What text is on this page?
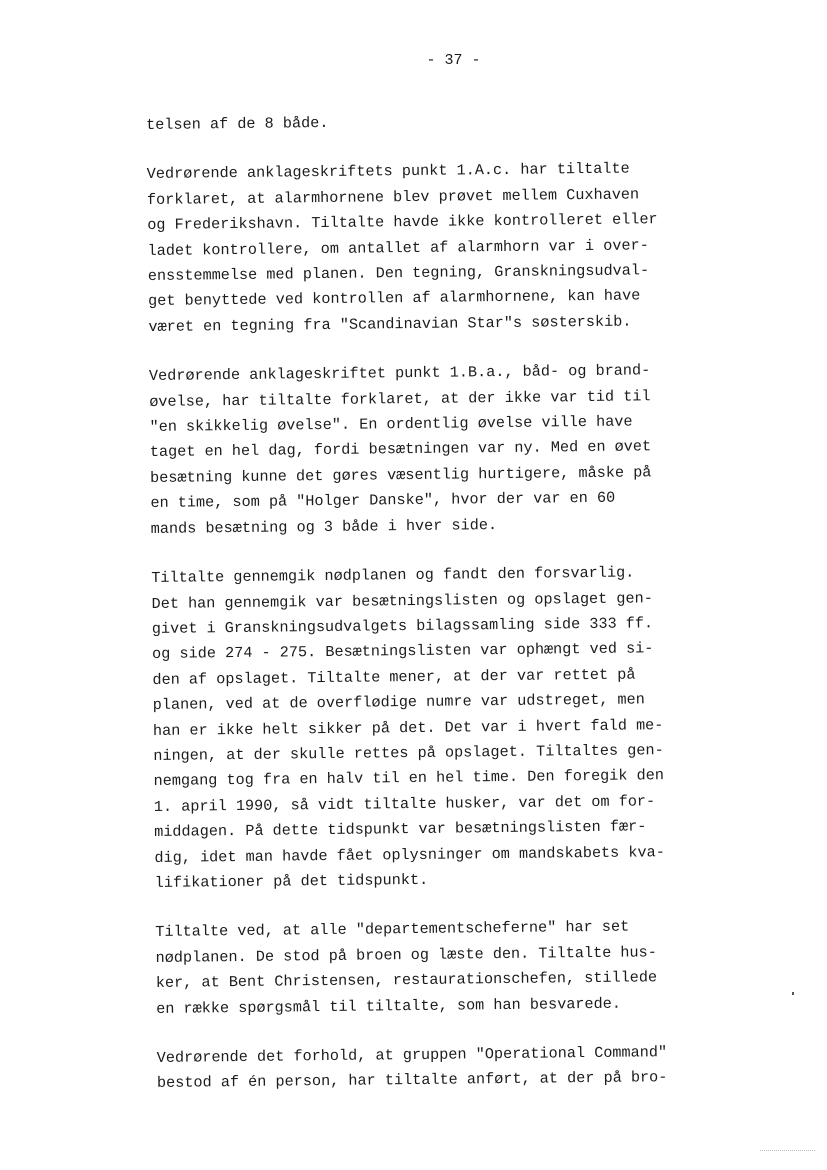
- 37 -
telsen af de 8 både.
Vedrørende anklageskriftets punkt 1.A.c. har tiltalte
forklaret, at alarmhornene blev prøvet mellem Cuxhaven
og Frederikshavn. Tiltalte havde ikke kontrolleret eller
ladet kontrollere, om antallet af alarmhorn var i over-
ensstemmelse med planen. Den tegning, Granskningsudval-
get benyttede ved kontrollen af alarmhornene, kan have
været en tegning fra "Scandinavian Star"s søsterskib.
Vedrørende anklageskriftet punkt 1.B.a., båd- og brand-
øvelse, har tiltalte forklaret, at der ikke var tid til
"en skikkelig øvelse". En ordentlig øvelse ville have
taget en hel dag, fordi besætningen var ny. Med en øvet
besætning kunne det gøres væsentlig hurtigere, måske på
en time, som på "Holger Danske", hvor der var en 60
mands besætning og 3 både i hver side.
Tiltalte gennemgik nødplanen og fandt den forsvarlig.
Det han gennemgik var besætningslisten og opslaget gen-
givet i Granskningsudvalgets bilagssamling side 333 ff.
og side 274 - 275. Besætningslisten var ophængt ved si-
den af opslaget. Tiltalte mener, at der var rettet på
planen, ved at de overflødige numre var udstreget, men
han er ikke helt sikker på det. Det var i hvert fald me-
ningen, at der skulle rettes på opslaget. Tiltaltes gen-
nemgang tog fra en halv til en hel time. Den foregik den
1. april 1990, så vidt tiltalte husker, var det om for-
middagen. På dette tidspunkt var besætningslisten fær-
dig, idet man havde fået oplysninger om mandskabets kva-
lifikationer på det tidspunkt.
Tiltalte ved, at alle "departementscheferne" har set
nødplanen. De stod på broen og læste den. Tiltalte hus-
ker, at Bent Christensen, restaurationschefen, stillede
en række spørgsmål til tiltalte, som han besvarede.
Vedrørende det forhold, at gruppen "Operational Command"
bestod af én person, har tiltalte anført, at der på bro-
